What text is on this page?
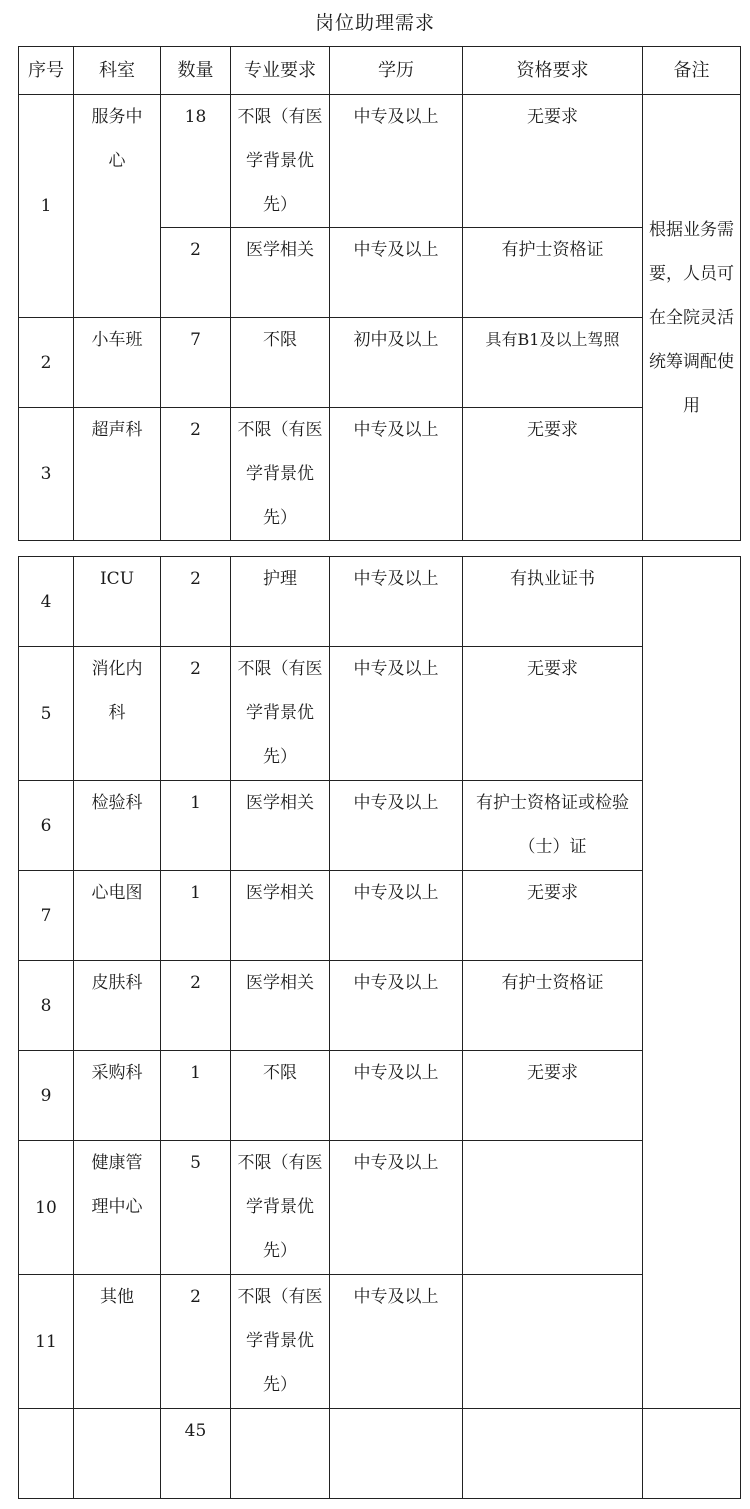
岗位助理需求
序号	科室	数量	专业要求	学历	资格要求	备注
1	服务中心	18	不限（有医学背景优先）	中专及以上	无要求	根据业务需要，人员可在全院灵活统筹调配使用
		2	医学相关	中专及以上	有护士资格证	
2	小车班	7	不限	初中及以上	具有B1及以上驾照	
3	超声科	2	不限（有医学背景优先）	中专及以上	无要求	
4	ICU	2	护理	中专及以上	有执业证书	
5	消化内科	2	不限（有医学背景优先）	中专及以上	无要求	
6	检验科	1	医学相关	中专及以上	有护士资格证或检验（士）证	
7	心电图	1	医学相关	中专及以上	无要求	
8	皮肤科	2	医学相关	中专及以上	有护士资格证	
9	采购科	1	不限	中专及以上	无要求	
10	健康管理中心	5	不限（有医学背景优先）	中专及以上		
11	其他	2	不限（有医学背景优先）	中专及以上		
		45				
